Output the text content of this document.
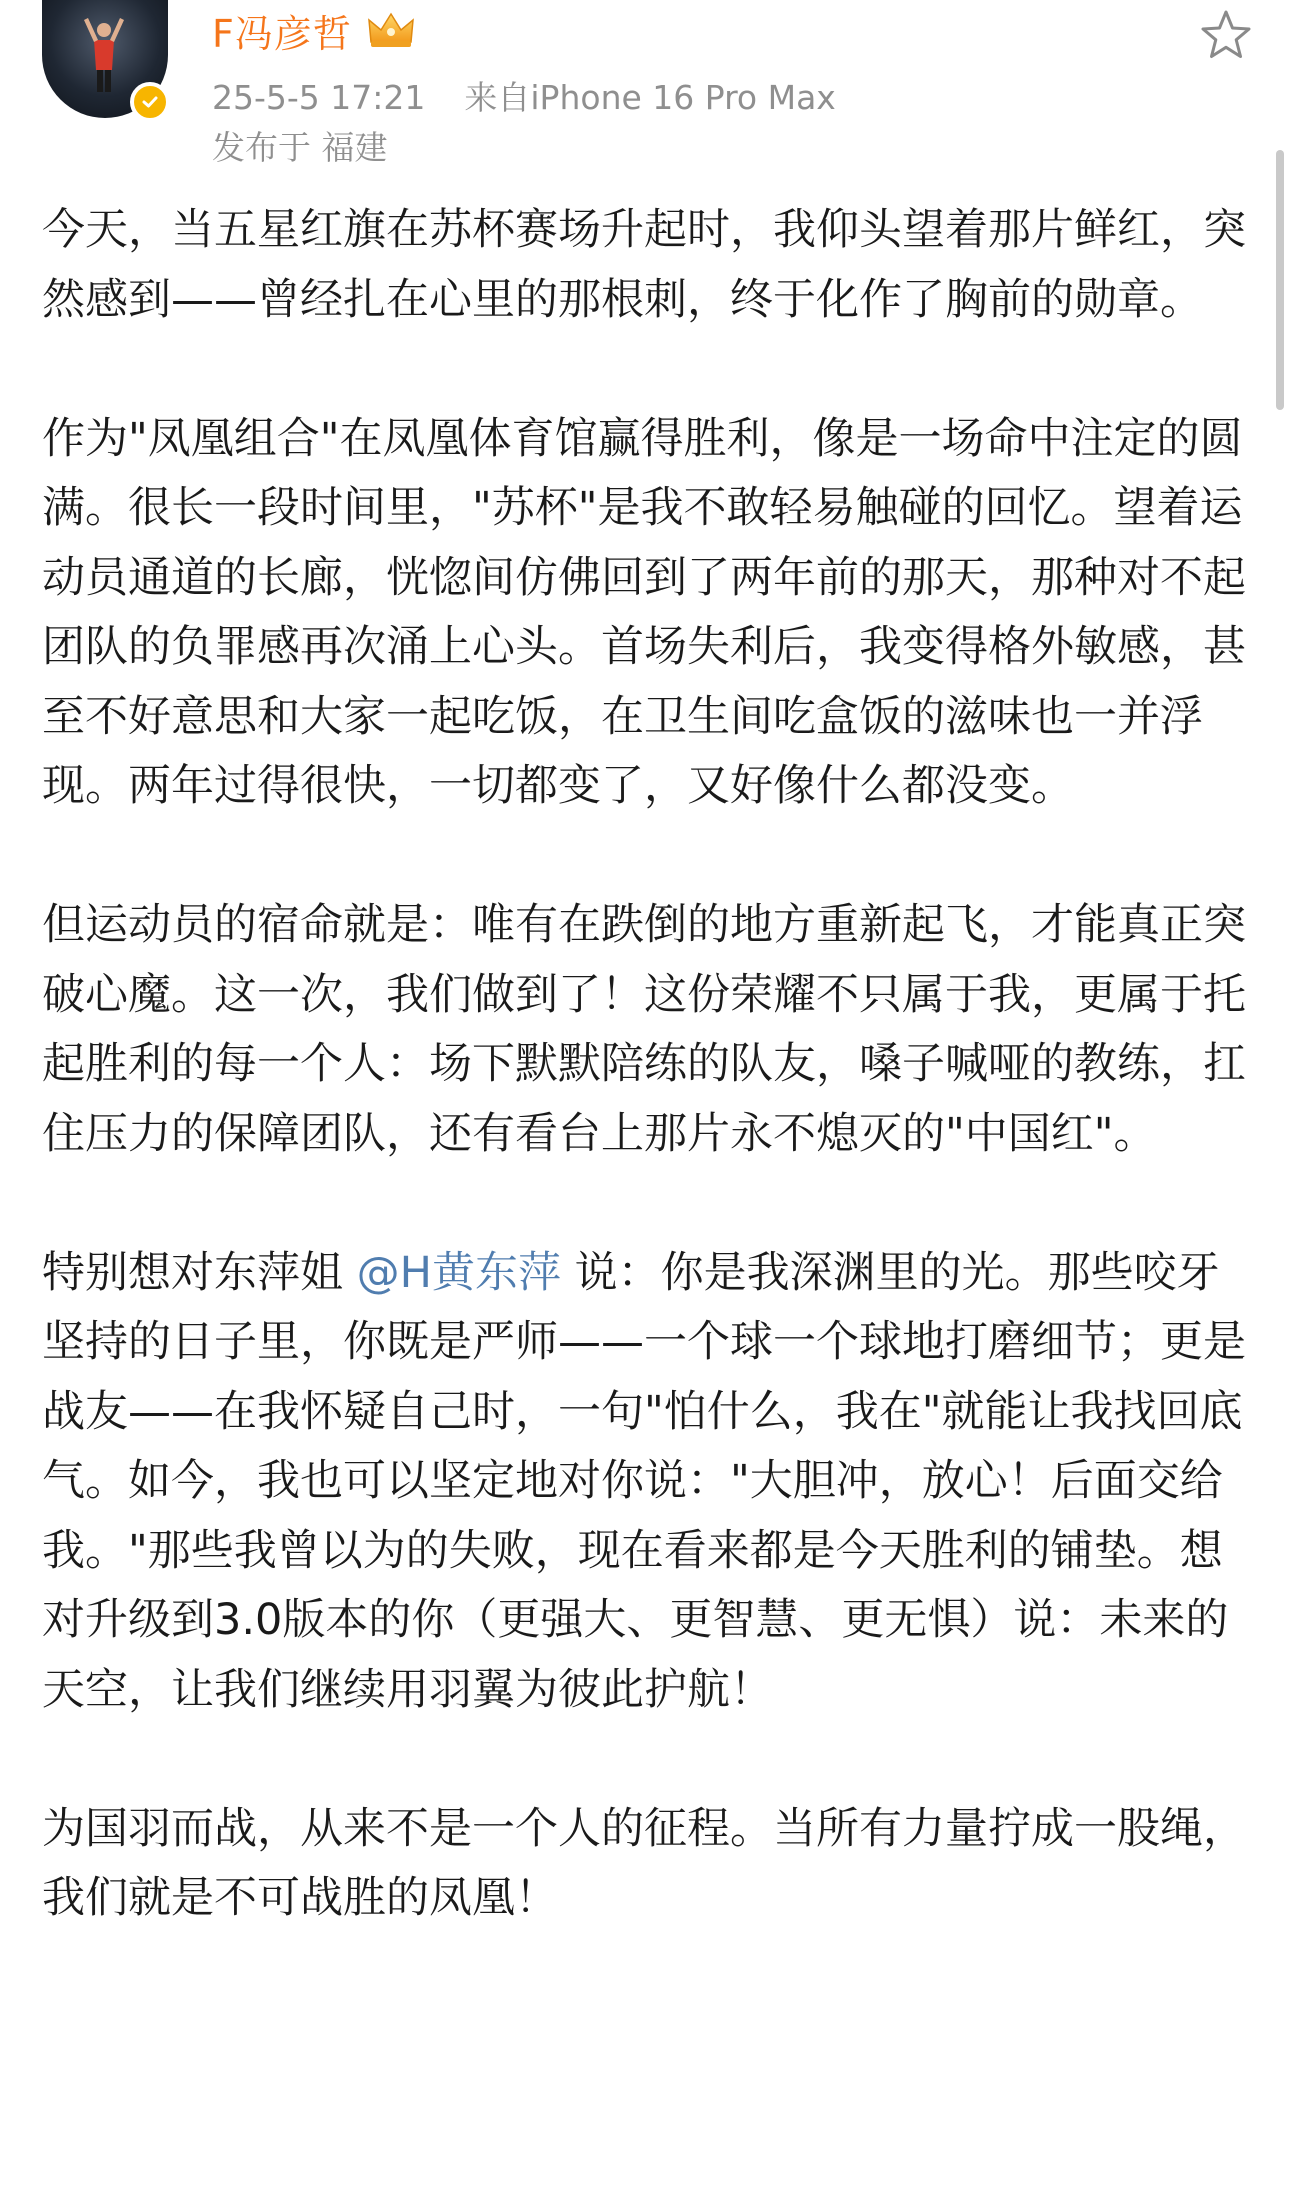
F冯彦哲
25-5-5 17:21 来自iPhone 16 Pro Max
发布于 福建

今天，当五星红旗在苏杯赛场升起时，我仰头望着那片鲜红，突然感到——曾经扎在心里的那根刺，终于化作了胸前的勋章。

作为"凤凰组合"在凤凰体育馆赢得胜利，像是一场命中注定的圆满。很长一段时间里，"苏杯"是我不敢轻易触碰的回忆。望着运动员通道的长廊，恍惚间仿佛回到了两年前的那天，那种对不起团队的负罪感再次涌上心头。首场失利后，我变得格外敏感，甚至不好意思和大家一起吃饭，在卫生间吃盒饭的滋味也一并浮现。两年过得很快，一切都变了，又好像什么都没变。

但运动员的宿命就是：唯有在跌倒的地方重新起飞，才能真正突破心魔。这一次，我们做到了！这份荣耀不只属于我，更属于托起胜利的每一个人：场下默默陪练的队友，嗓子喊哑的教练，扛住压力的保障团队，还有看台上那片永不熄灭的"中国红"。

特别想对东萍姐 @H黄东萍 说：你是我深渊里的光。那些咬牙坚持的日子里，你既是严师——一个球一个球地打磨细节；更是战友——在我怀疑自己时，一句"怕什么，我在"就能让我找回底气。如今，我也可以坚定地对你说："大胆冲，放心！后面交给我。"那些我曾以为的失败，现在看来都是今天胜利的铺垫。想对升级到3.0版本的你（更强大、更智慧、更无惧）说：未来的天空，让我们继续用羽翼为彼此护航！

为国羽而战，从来不是一个人的征程。当所有力量拧成一股绳，我们就是不可战胜的凤凰！
